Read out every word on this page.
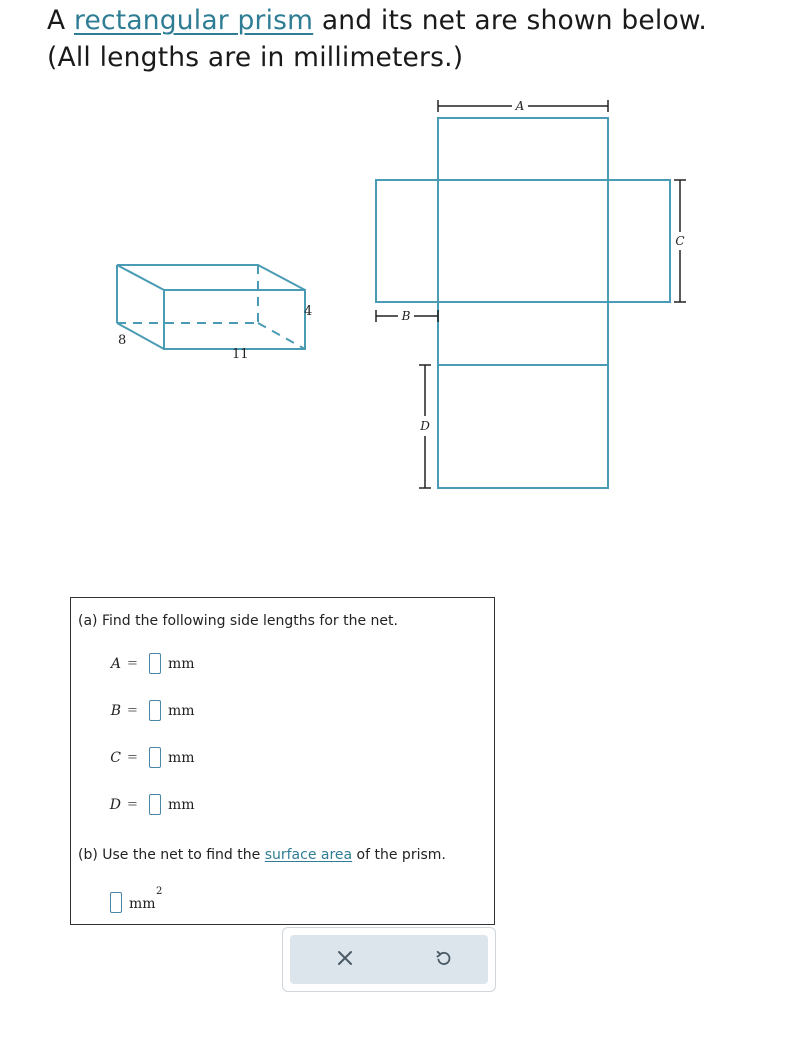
A rectangular prism and its net are shown below.
(All lengths are in millimeters.)
8
11
4
A
C
B
D
(a) Find the following side lengths for the net.
A = mm
B = mm
C = mm
D = mm
(b) Use the net to find the surface area of the prism.
mm
2
